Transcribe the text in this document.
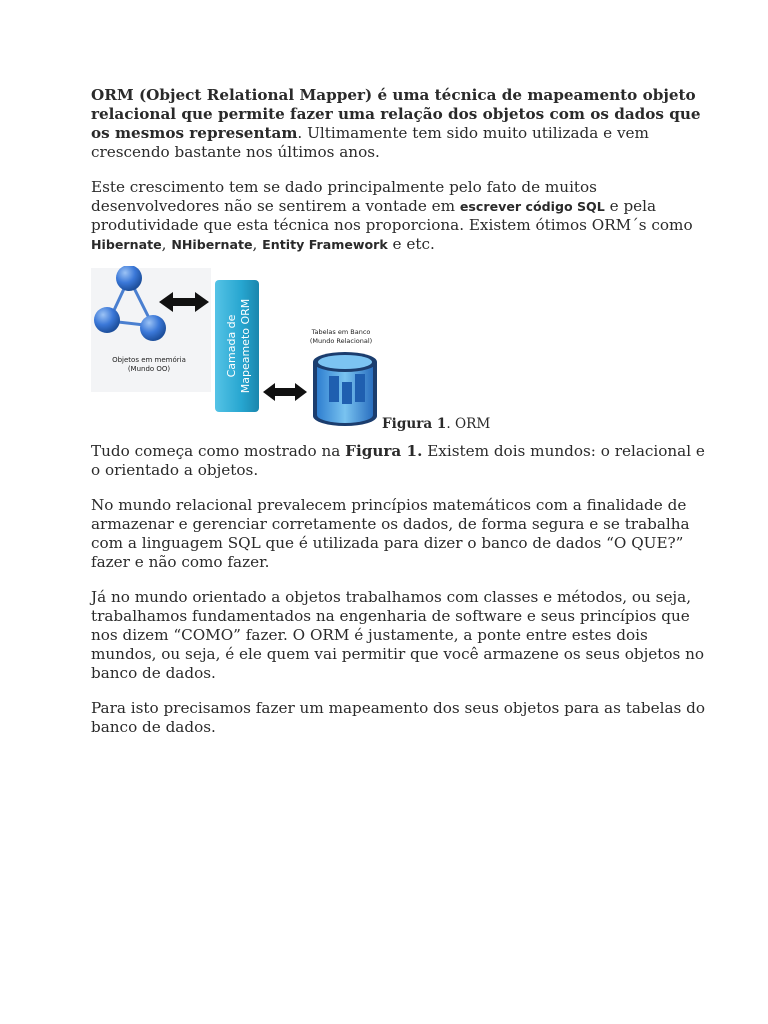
ORM (Object Relational Mapper) é uma técnica de mapeamento objeto relacional que permite fazer uma relação dos objetos com os dados que os mesmos representam. Ultimamente tem sido muito utilizada e vem crescendo bastante nos últimos anos.

Este crescimento tem se dado principalmente pelo fato de muitos desenvolvedores não se sentirem a vontade em escrever código SQL e pela produtividade que esta técnica nos proporciona. Existem ótimos ORM´s como Hibernate, NHibernate, Entity Framework e etc.

Objetos em memória
(Mundo OO)	Camada de Mapeameto ORM	Tabelas em Banco
(Mundo Relacional)
Figura 1. ORM

Tudo começa como mostrado na Figura 1. Existem dois mundos: o relacional e o orientado a objetos.

No mundo relacional prevalecem princípios matemáticos com a finalidade de armazenar e gerenciar corretamente os dados, de forma segura e se trabalha com a linguagem SQL que é utilizada para dizer o banco de dados “O QUE?” fazer e não como fazer.

Já no mundo orientado a objetos trabalhamos com classes e métodos, ou seja, trabalhamos fundamentados na engenharia de software e seus princípios que nos dizem “COMO” fazer. O ORM é justamente, a ponte entre estes dois mundos, ou seja, é ele quem vai permitir que você armazene os seus objetos no banco de dados.

Para isto precisamos fazer um mapeamento dos seus objetos para as tabelas do banco de dados.
